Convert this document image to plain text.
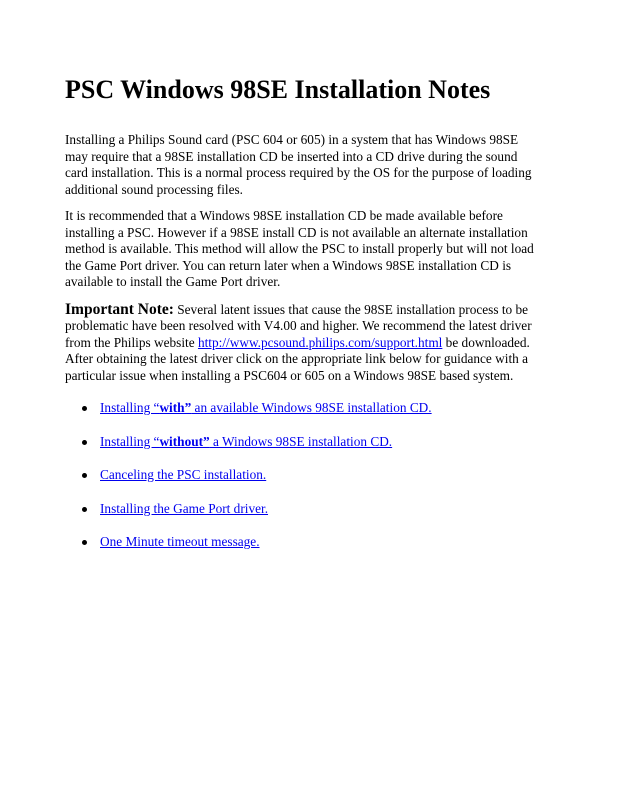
PSC Windows 98SE Installation Notes

Installing a Philips Sound card (PSC 604 or 605) in a system that has Windows 98SE may require that a 98SE installation CD be inserted into a CD drive during the sound card installation. This is a normal process required by the OS for the purpose of loading additional sound processing files.

It is recommended that a Windows 98SE installation CD be made available before installing a PSC. However if a 98SE install CD is not available an alternate installation method is available. This method will allow the PSC to install properly but will not load the Game Port driver. You can return later when a Windows 98SE installation CD is available to install the Game Port driver.

Important Note: Several latent issues that cause the 98SE installation process to be problematic have been resolved with V4.00 and higher. We recommend the latest driver from the Philips website http://www.pcsound.philips.com/support.html be downloaded. After obtaining the latest driver click on the appropriate link below for guidance with a particular issue when installing a PSC604 or 605 on a Windows 98SE based system.

Installing “with” an available Windows 98SE installation CD.
Installing “without” a Windows 98SE installation CD.
Canceling the PSC installation.
Installing the Game Port driver.
One Minute timeout message.
